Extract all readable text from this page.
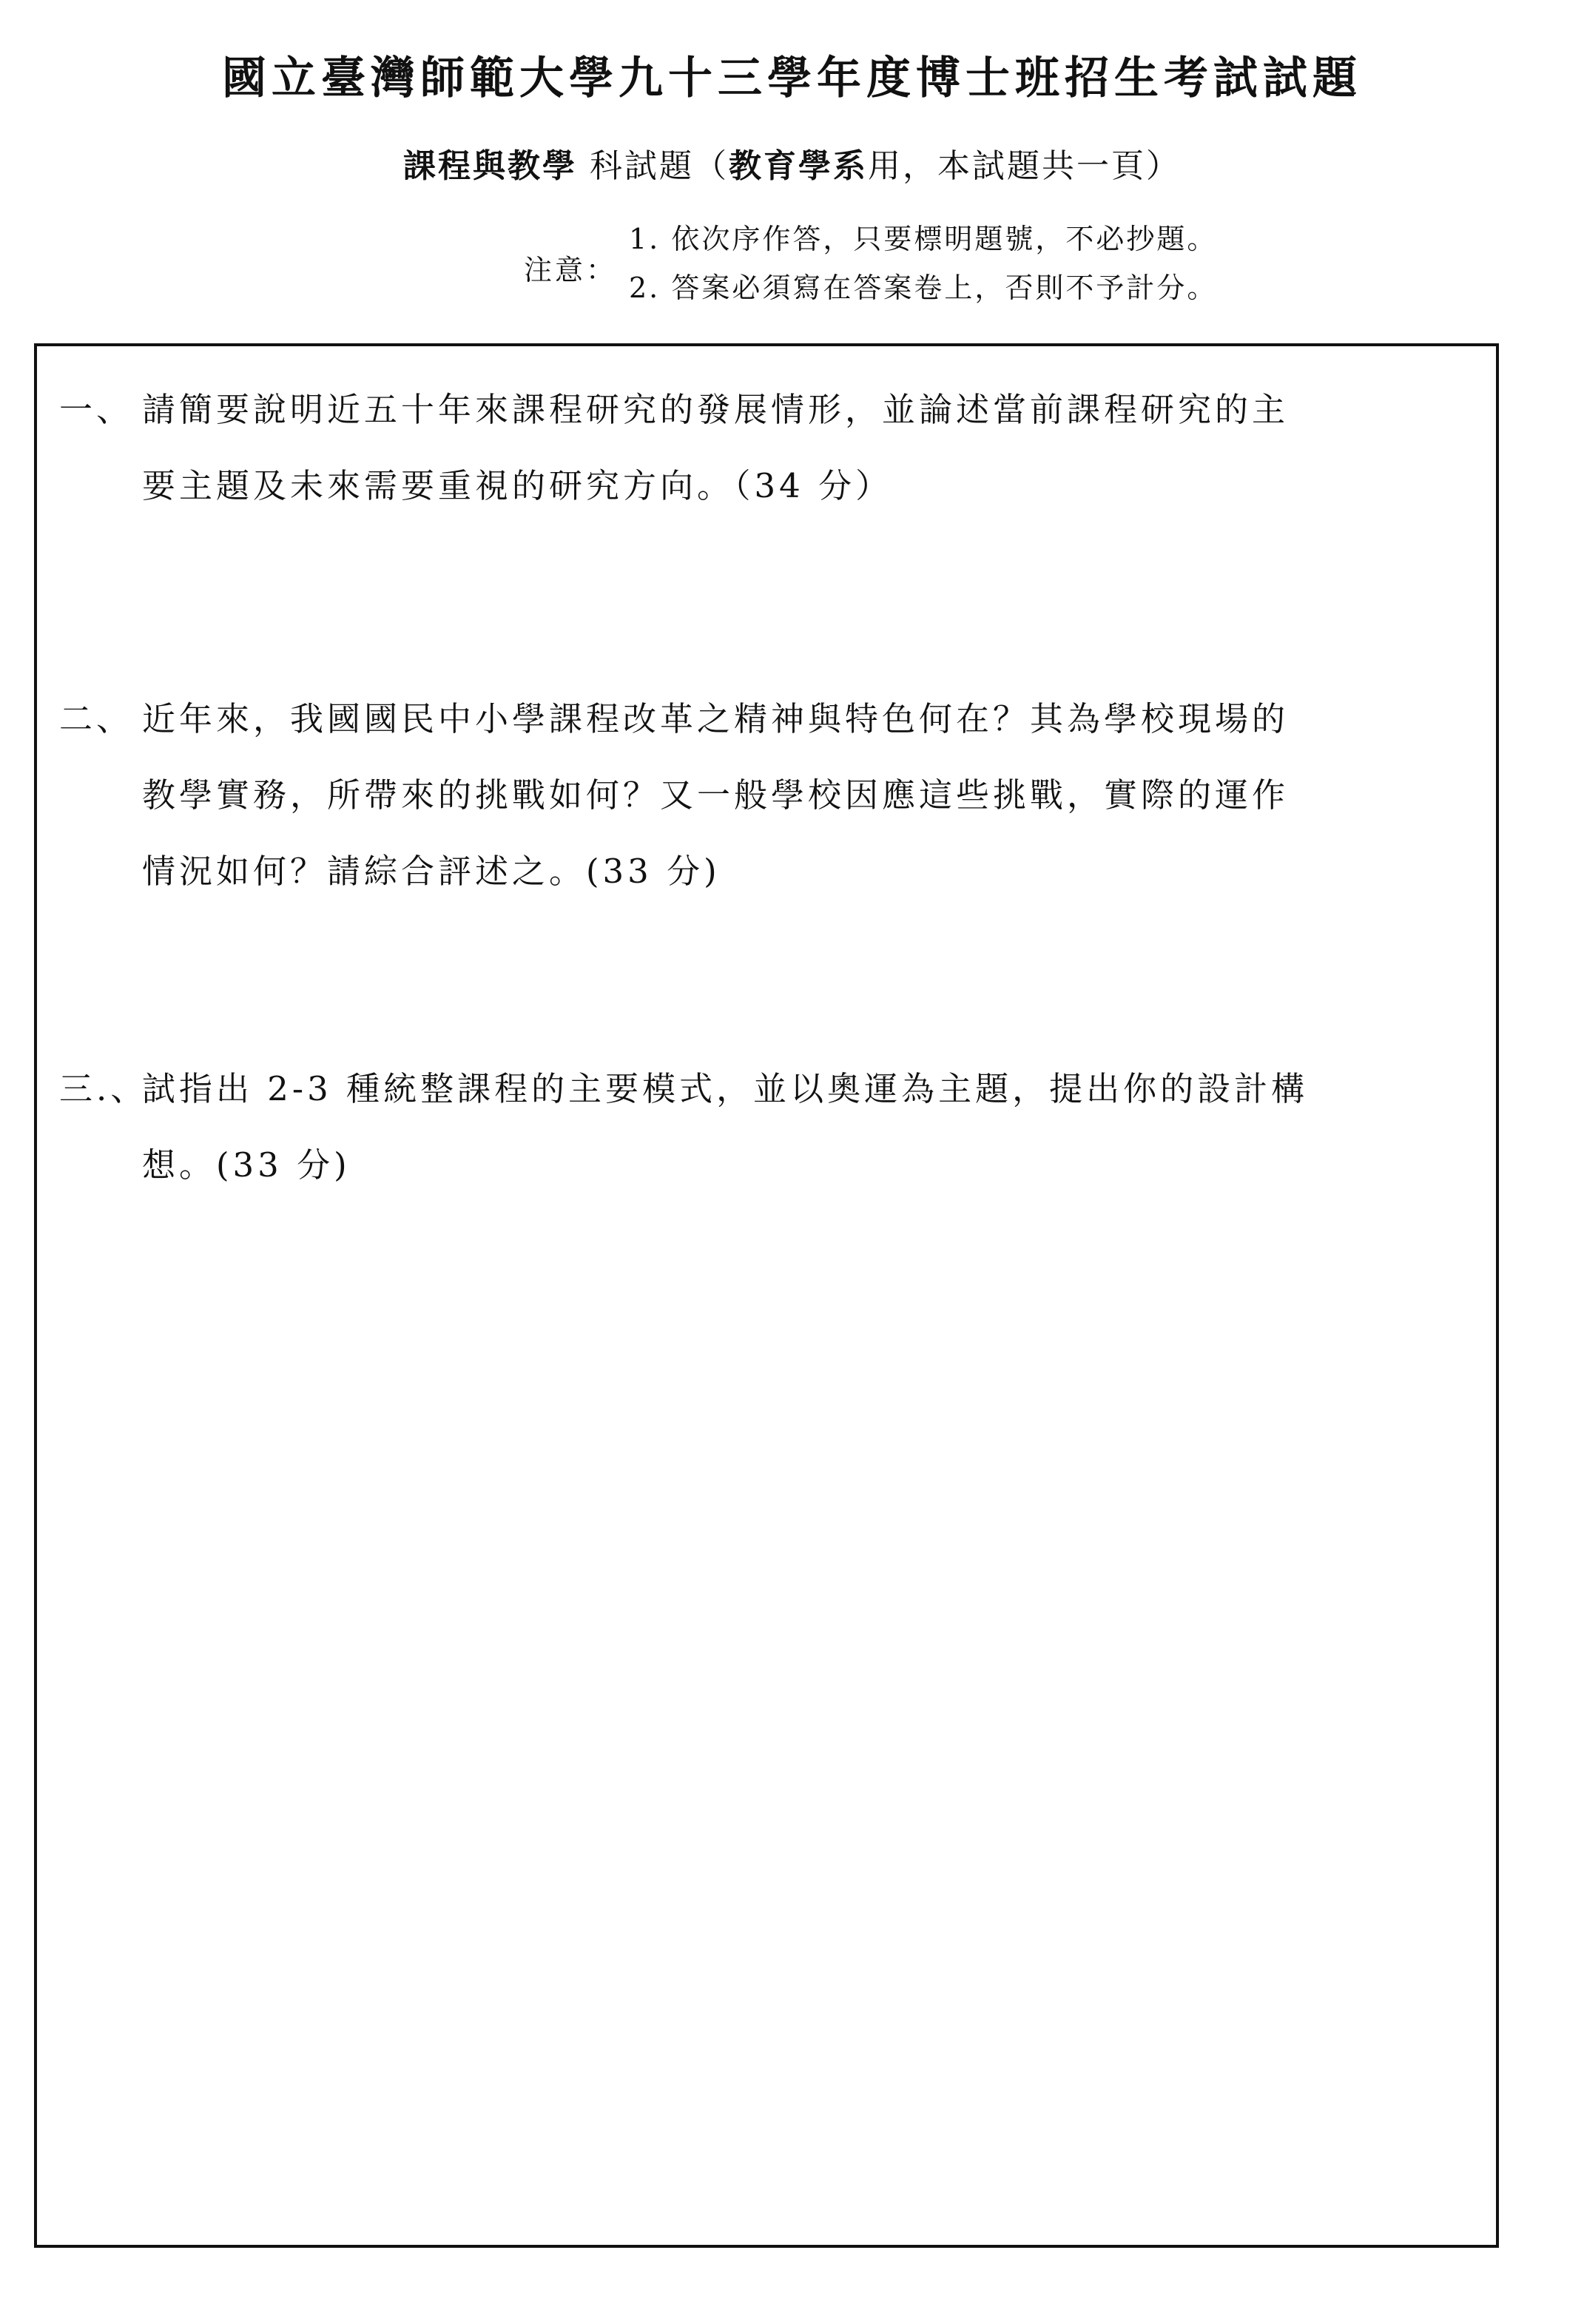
國立臺灣師範大學九十三學年度博士班招生考試試題
課程與教學 科試題（教育學系用，本試題共一頁）
注意：
1. 依次序作答，只要標明題號，不必抄題。
2. 答案必須寫在答案卷上，否則不予計分。
一、 請簡要說明近五十年來課程研究的發展情形，並論述當前課程研究的主
要主題及未來需要重視的研究方向。（34 分）
二、 近年來，我國國民中小學課程改革之精神與特色何在？其為學校現場的
教學實務，所帶來的挑戰如何？又一般學校因應這些挑戰，實際的運作
情況如何？請綜合評述之。(33 分)
三.、
試指出 2-3 種統整課程的主要模式，並以奧運為主題，提出你的設計構
想。(33 分)
